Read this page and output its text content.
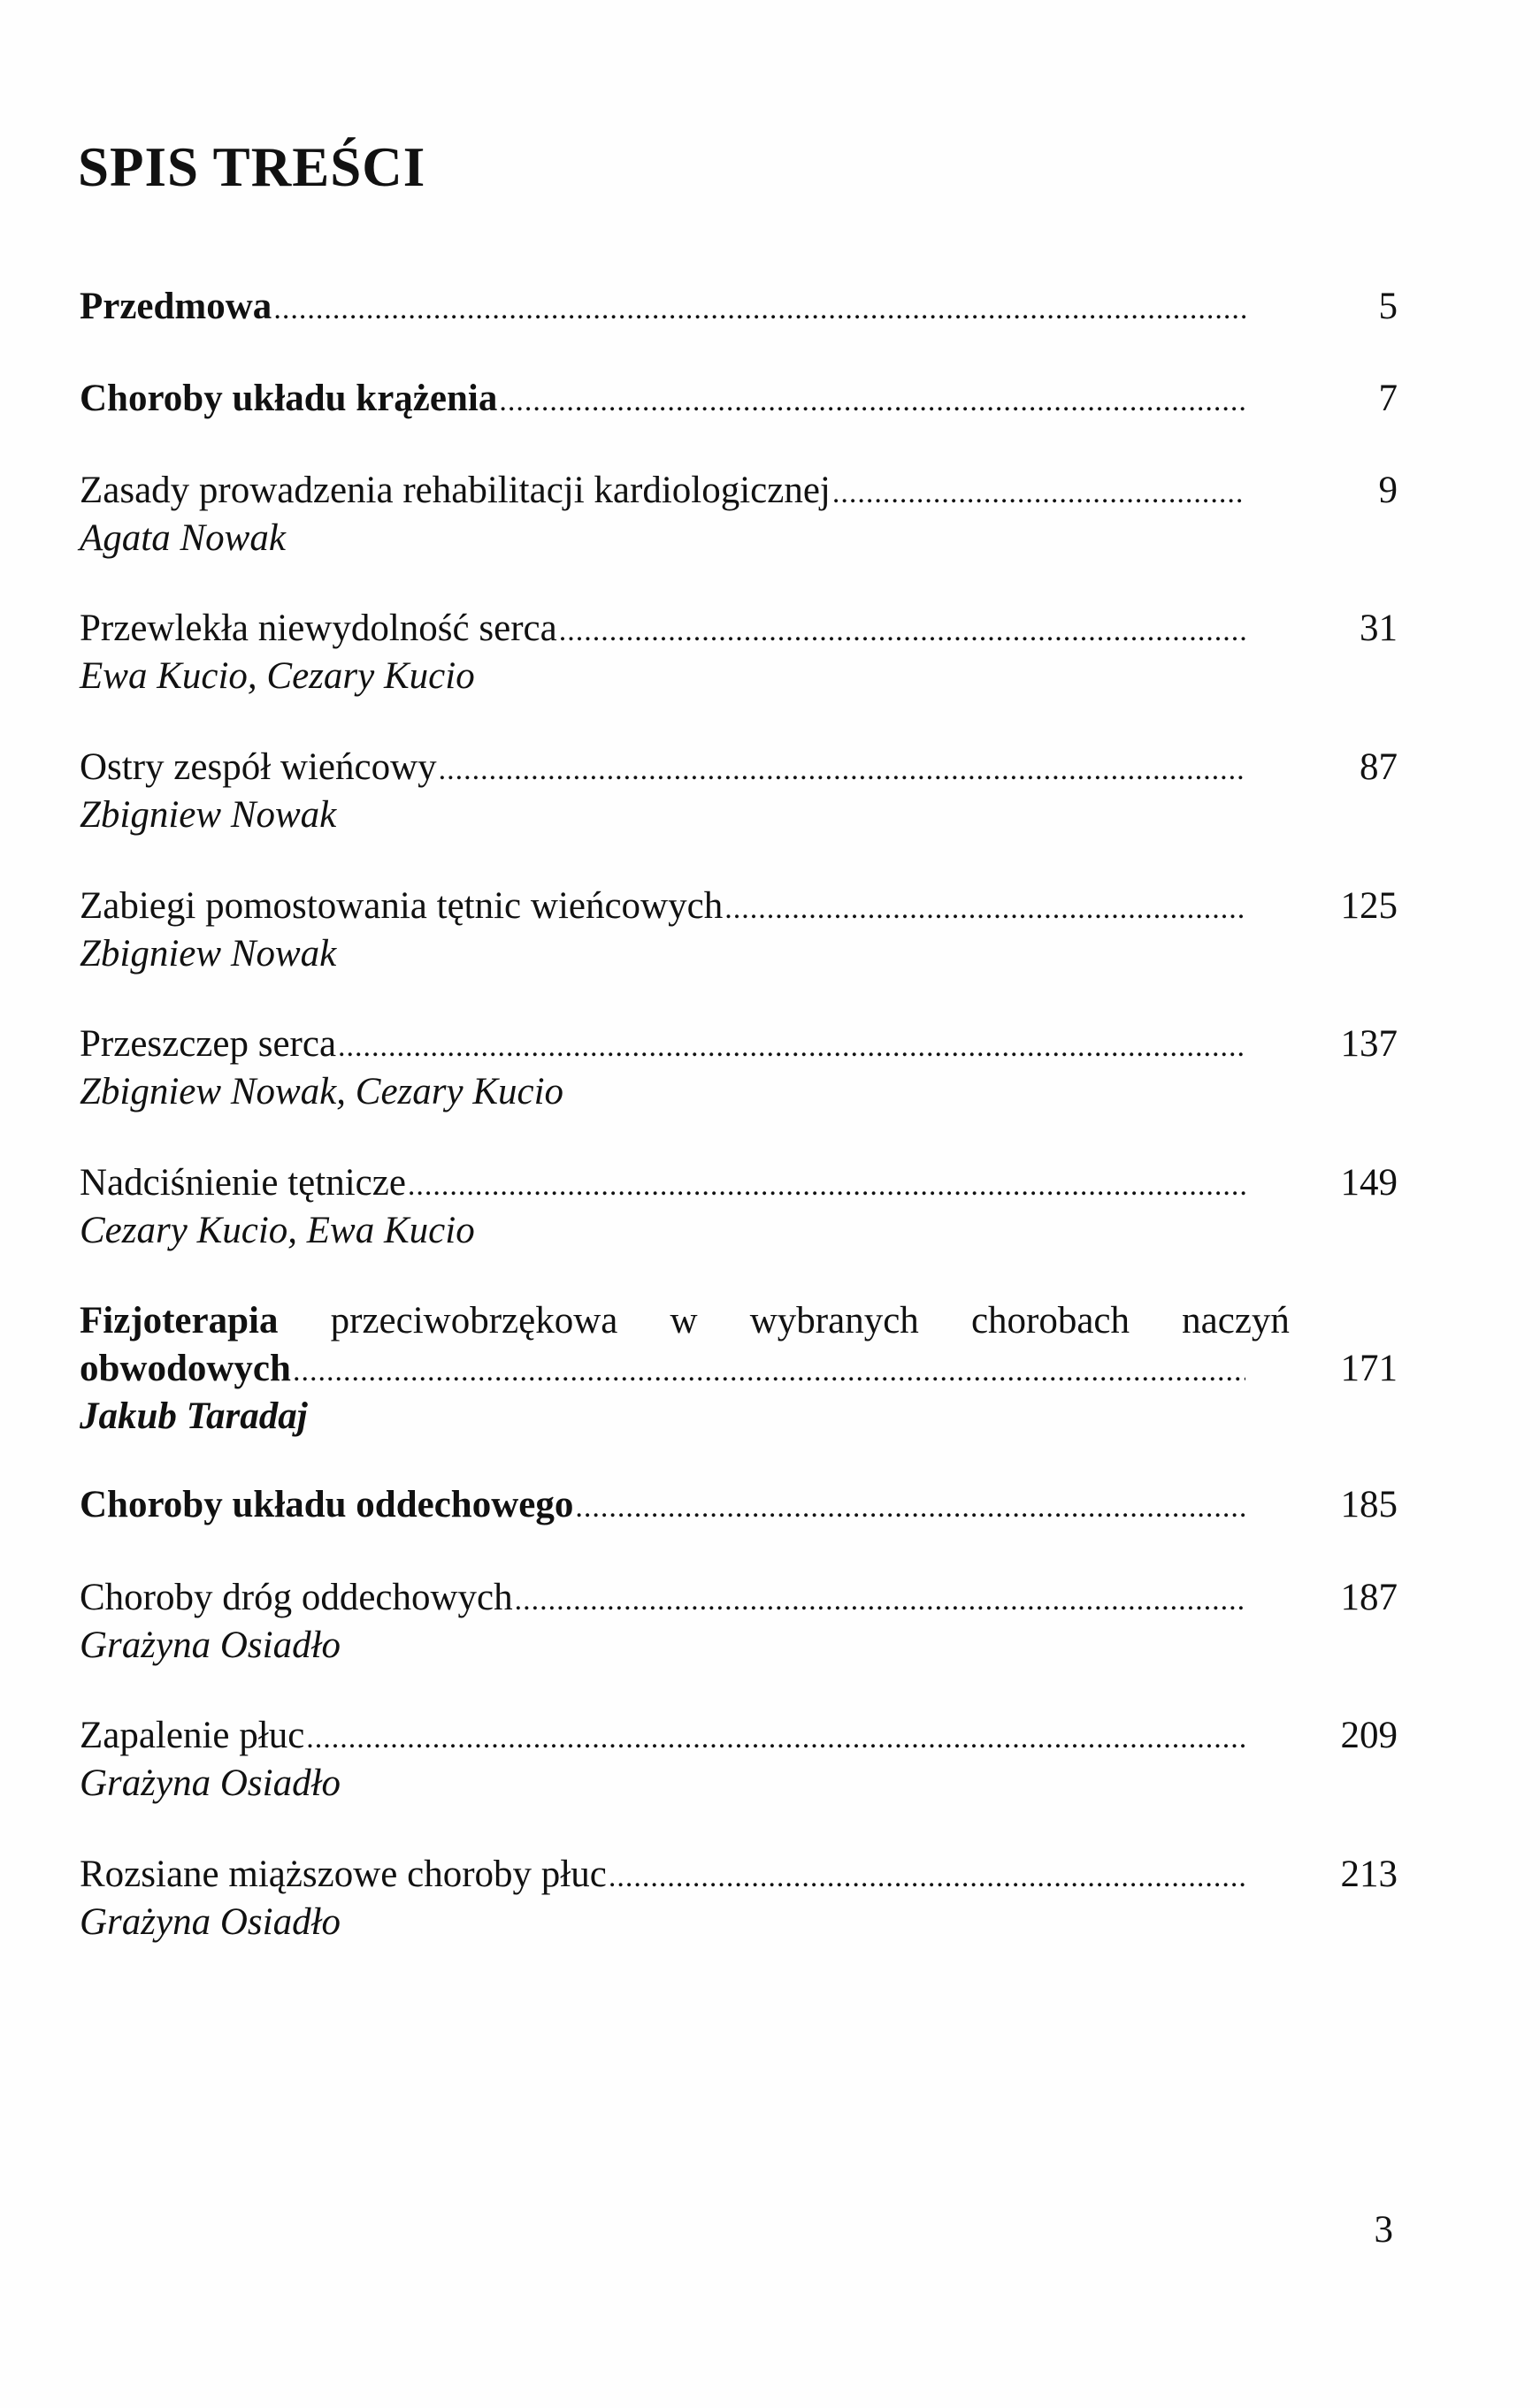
SPIS TREŚCI
Przedmowa .....	5
Choroby układu krążenia .....	7
Zasady prowadzenia rehabilitacji kardiologicznej .....	9
Agata Nowak
Przewlekła niewydolność serca .....	31
Ewa Kucio, Cezary Kucio
Ostry zespół wieńcowy .....	87
Zbigniew Nowak
Zabiegi pomostowania tętnic wieńcowych .....	125
Zbigniew Nowak
Przeszczep serca .....	137
Zbigniew Nowak, Cezary Kucio
Nadciśnienie tętnicze .....	149
Cezary Kucio, Ewa Kucio
Fizjoterapia przeciwobrzękowa w wybranych chorobach naczyń
obwodowych .....	171
Jakub Taradaj
Choroby układu oddechowego .....	185
Choroby dróg oddechowych .....	187
Grażyna Osiadło
Zapalenie płuc .....	209
Grażyna Osiadło
Rozsiane miąższowe choroby płuc .....	213
Grażyna Osiadło
3
